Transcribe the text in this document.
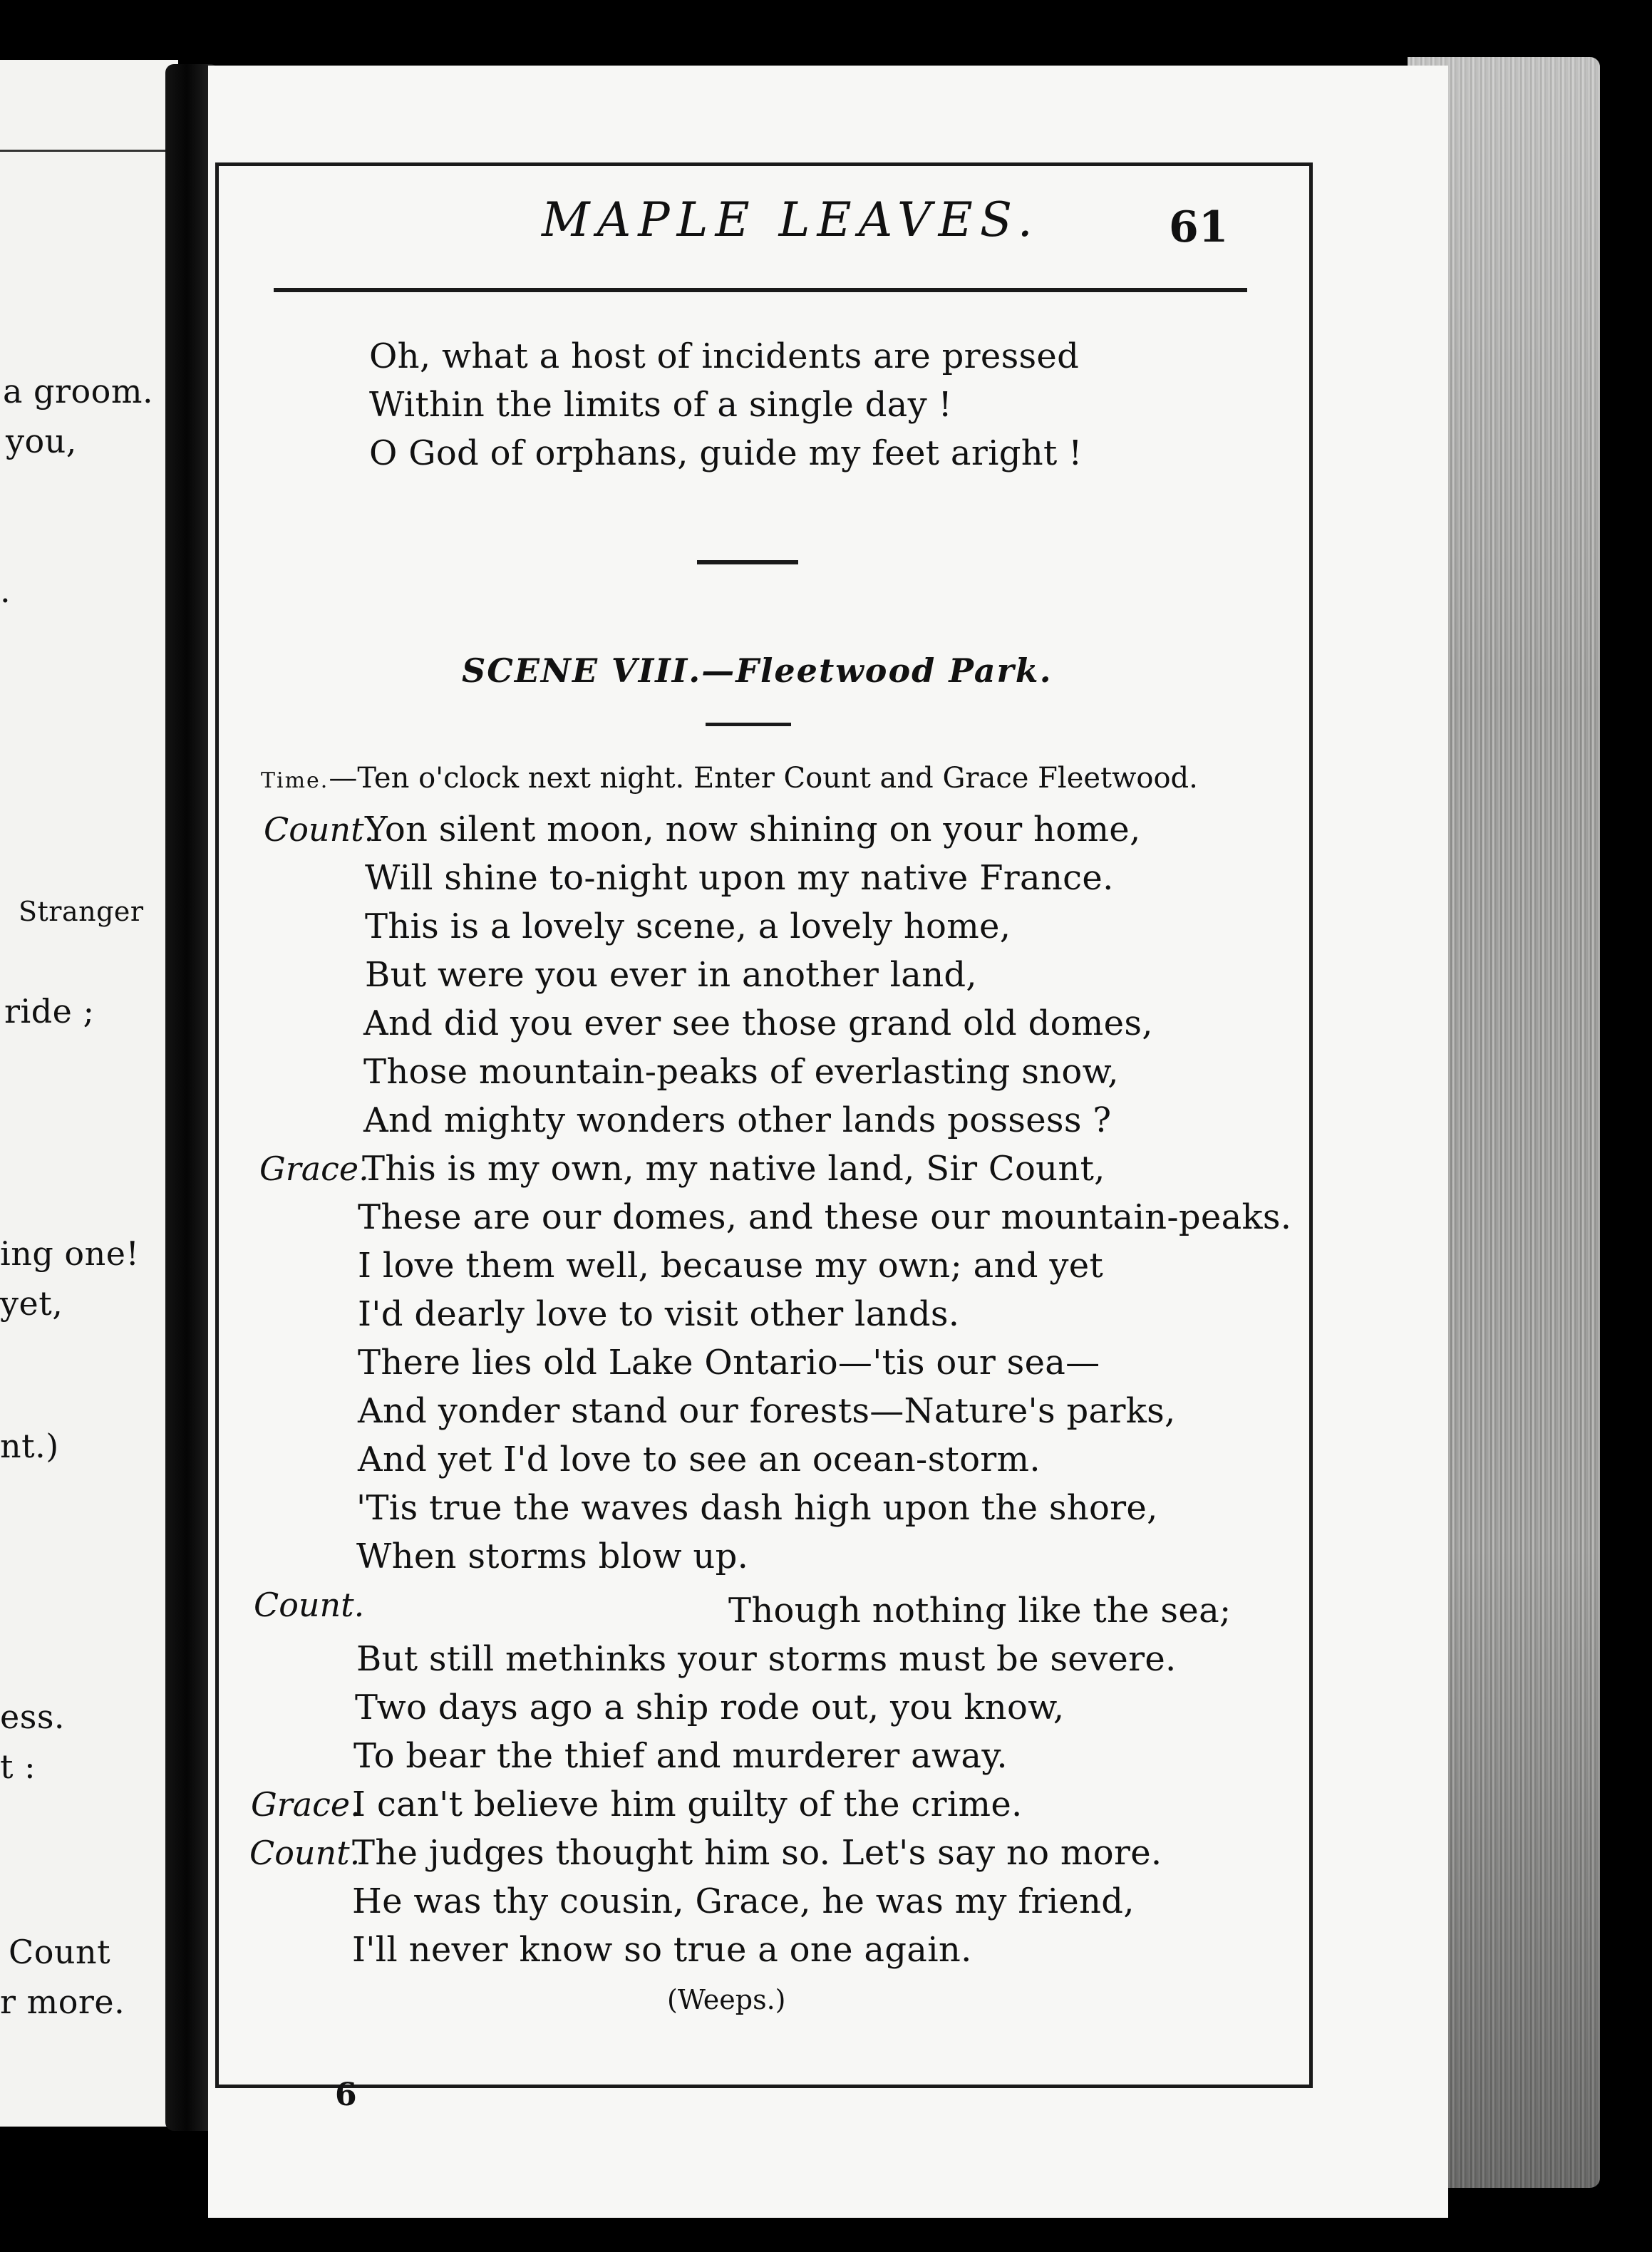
a groom.
you,
.
Stranger
ride ;
ing one!
yet,
nt.)
ess.
t :
Count
r more.
MAPLE LEAVES.	61
Oh, what a host of incidents are pressed
Within the limits of a single day !
O God of orphans, guide my feet aright !
SCENE VIII.—Fleetwood Park.
Time.—Ten o'clock next night. Enter Count and Grace Fleetwood.
Count.
Yon silent moon, now shining on your home,
Will shine to-night upon my native France.
This is a lovely scene, a lovely home,
But were you ever in another land,
And did you ever see those grand old domes,
Those mountain-peaks of everlasting snow,
And mighty wonders other lands possess ?
Grace.
This is my own, my native land, Sir Count,
These are our domes, and these our mountain-peaks.
I love them well, because my own; and yet
I'd dearly love to visit other lands.
There lies old Lake Ontario—'tis our sea—
And yonder stand our forests—Nature's parks,
And yet I'd love to see an ocean-storm.
'Tis true the waves dash high upon the shore,
When storms blow up.
Count.	Though nothing like the sea;
But still methinks your storms must be severe.
Two days ago a ship rode out, you know,
To bear the thief and murderer away.
Grace.
I can't believe him guilty of the crime.
Count.
The judges thought him so. Let's say no more.
He was thy cousin, Grace, he was my friend,
I'll never know so true a one again.
(Weeps.)
6
